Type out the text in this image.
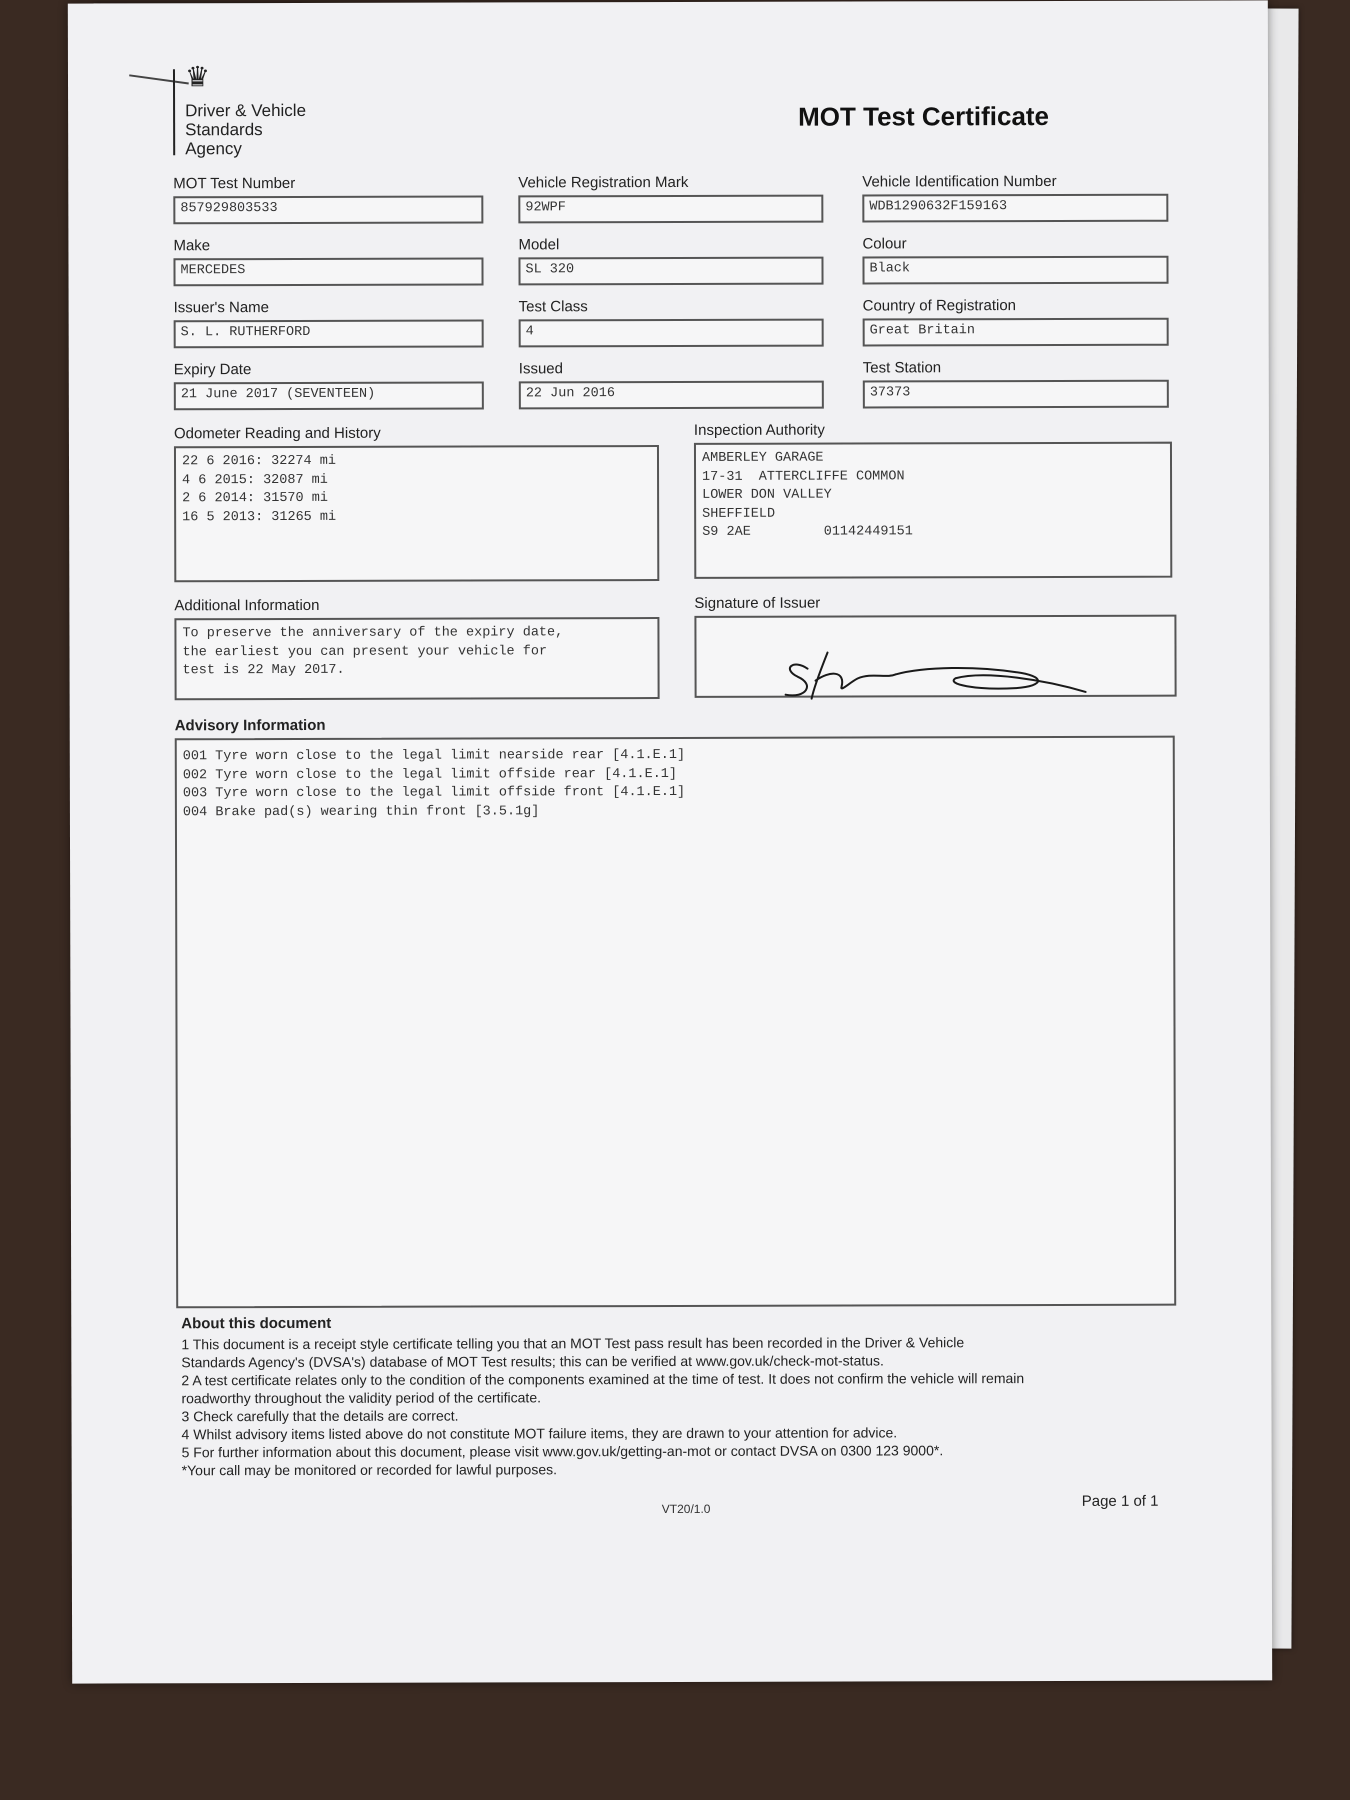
♛
Driver & Vehicle
Standards
Agency
MOT Test Certificate
MOT Test Number
857929803533
Vehicle Registration Mark
92WPF
Vehicle Identification Number
WDB1290632F159163
Make
MERCEDES
Model
SL 320
Colour
Black
Issuer's Name
S. L. RUTHERFORD
Test Class
4
Country of Registration
Great Britain
Expiry Date
21 June 2017 (SEVENTEEN)
Issued
22 Jun 2016
Test Station
37373
Odometer Reading and History
22 6 2016: 32274 mi
4 6 2015: 32087 mi
2 6 2014: 31570 mi
16 5 2013: 31265 mi
Inspection Authority
AMBERLEY GARAGE
17-31  ATTERCLIFFE COMMON
LOWER DON VALLEY
SHEFFIELD
S9 2AE         01142449151
Additional Information
To preserve the anniversary of the expiry date,
the earliest you can present your vehicle for
test is 22 May 2017.
Signature of Issuer

Advisory Information
001 Tyre worn close to the legal limit nearside rear [4.1.E.1]
002 Tyre worn close to the legal limit offside rear [4.1.E.1]
003 Tyre worn close to the legal limit offside front [4.1.E.1]
004 Brake pad(s) wearing thin front [3.5.1g]
About this document
1 This document is a receipt style certificate telling you that an MOT Test pass result has been recorded in the Driver & Vehicle
Standards Agency's (DVSA's) database of MOT Test results; this can be verified at www.gov.uk/check-mot-status.
2 A test certificate relates only to the condition of the components examined at the time of test. It does not confirm the vehicle will remain
roadworthy throughout the validity period of the certificate.
3 Check carefully that the details are correct.
4 Whilst advisory items listed above do not constitute MOT failure items, they are drawn to your attention for advice.
5 For further information about this document, please visit www.gov.uk/getting-an-mot or contact DVSA on 0300 123 9000*.
*Your call may be monitored or recorded for lawful purposes.
VT20/1.0	Page 1 of 1
